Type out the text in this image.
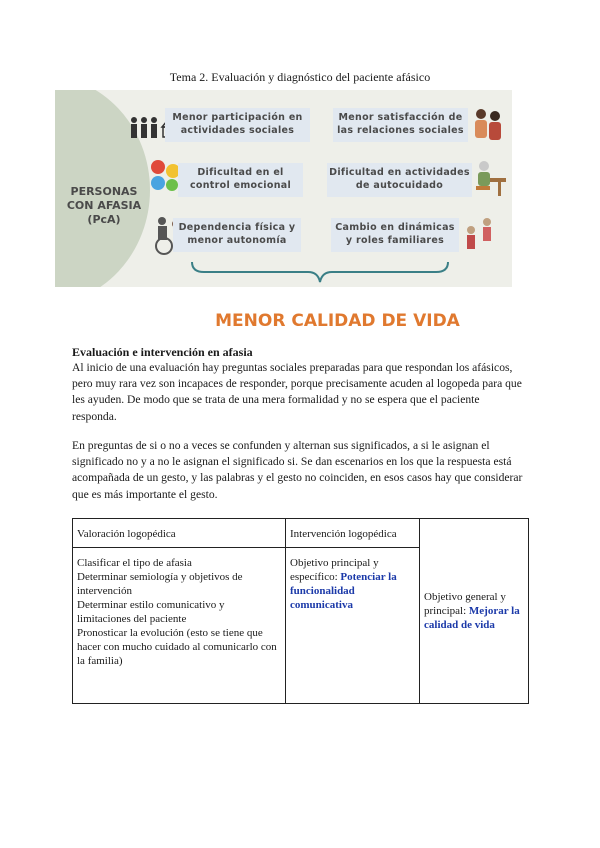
Tema 2. Evaluación y diagnóstico del paciente afásico
PERSONAS
CON AFASIA
(PcA)
Menor participación en
actividades sociales
Menor satisfacción de
las relaciones sociales
Dificultad en el
control emocional
Dificultad en actividades
de autocuidado
Dependencia física y
menor autonomía
Cambio en dinámicas
y roles familiares
MENOR CALIDAD DE VIDA
Evaluación e intervención en afasia

Al inicio de una evaluación hay preguntas sociales preparadas para que respondan los afásicos, pero muy rara vez son incapaces de responder, porque precisamente acuden al logopeda para que les ayuden. De modo que se trata de una mera formalidad y no se espera que el paciente responda.

En preguntas de si o no a veces se confunden y alternan sus significados, a si le asignan el significado no y a no le asignan el significado si. Se dan escenarios en los que la respuesta está acompañada de un gesto, y las palabras y el gesto no coinciden, en esos casos hay que considerar que es más importante el gesto.

Valoración logopédica	Intervención logopédica	Objetivo general y principal: Mejorar la calidad de vida

Clasificar el tipo de afasia
Determinar semiología y objetivos de intervención
Determinar estilo comunicativo y limitaciones del paciente
Pronosticar la evolución (esto se tiene que hacer con mucho cuidado al comunicarlo con la familia)	Objetivo principal y específico: Potenciar la funcionalidad comunicativa	
